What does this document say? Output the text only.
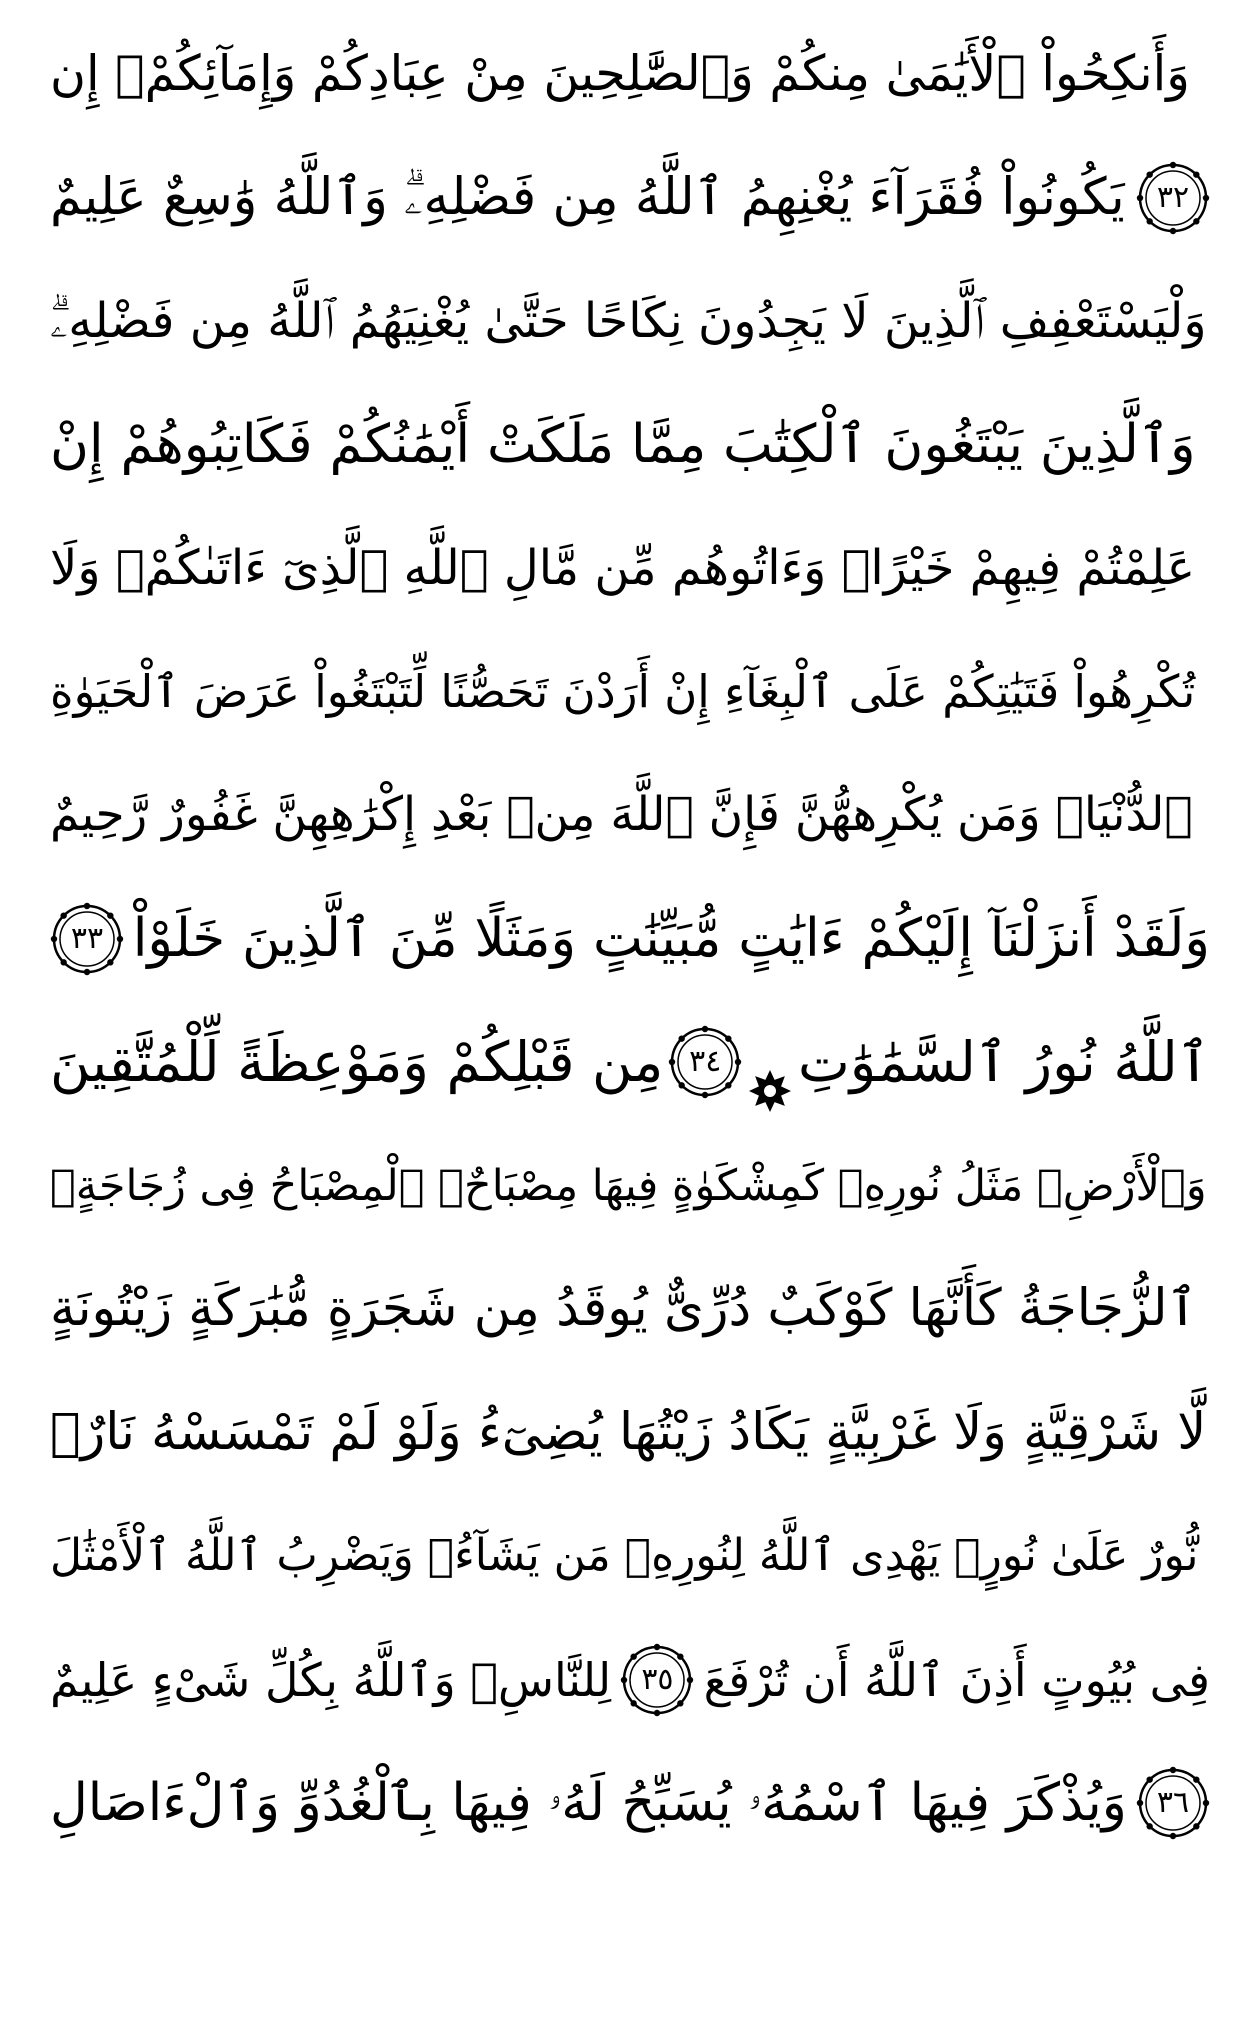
وَأَنكِحُواْ ٱلْأَيَٰمَىٰ مِنكُمْ وَٱلصَّٰلِحِينَ مِنْ عِبَادِكُمْ وَإِمَآئِكُمْۚ إِن
يَكُونُواْ فُقَرَآءَ يُغْنِهِمُ ٱللَّهُ مِن فَضْلِهِۦۗ وَٱللَّهُ وَٰسِعٌ عَلِيمٌ	٣٢
وَلْيَسْتَعْفِفِ ٱلَّذِينَ لَا يَجِدُونَ نِكَاحًا حَتَّىٰ يُغْنِيَهُمُ ٱللَّهُ مِن فَضْلِهِۦۗ
وَٱلَّذِينَ يَبْتَغُونَ ٱلْكِتَٰبَ مِمَّا مَلَكَتْ أَيْمَٰنُكُمْ فَكَاتِبُوهُمْ إِنْ
عَلِمْتُمْ فِيهِمْ خَيْرًاۖ وَءَاتُوهُم مِّن مَّالِ ٱللَّهِ ٱلَّذِىٓ ءَاتَىٰكُمْۚ وَلَا
تُكْرِهُواْ فَتَيَٰتِكُمْ عَلَى ٱلْبِغَآءِ إِنْ أَرَدْنَ تَحَصُّنًا لِّتَبْتَغُواْ عَرَضَ ٱلْحَيَوٰةِ
ٱلدُّنْيَاۚ وَمَن يُكْرِههُّنَّ فَإِنَّ ٱللَّهَ مِنۢ بَعْدِ إِكْرَٰهِهِنَّ غَفُورٌ رَّحِيمٌ
٣٣ وَلَقَدْ أَنزَلْنَآ إِلَيْكُمْ ءَايَٰتٍ مُّبَيِّنَٰتٍ وَمَثَلًا مِّنَ ٱلَّذِينَ خَلَوْاْ
مِن قَبْلِكُمْ وَمَوْعِظَةً لِّلْمُتَّقِينَ ٣٤	ٱللَّهُ نُورُ ٱلسَّمَٰوَٰتِ
وَٱلْأَرْضِۚ مَثَلُ نُورِهِۦ كَمِشْكَوٰةٍ فِيهَا مِصْبَاحٌۖ ٱلْمِصْبَاحُ فِى زُجَاجَةٍۖ
ٱلزُّجَاجَةُ كَأَنَّهَا كَوْكَبٌ دُرِّىٌّ يُوقَدُ مِن شَجَرَةٍ مُّبَٰرَكَةٍ زَيْتُونَةٍ
لَّا شَرْقِيَّةٍ وَلَا غَرْبِيَّةٍ يَكَادُ زَيْتُهَا يُضِىٓءُ وَلَوْ لَمْ تَمْسَسْهُ نَارٌۚ
نُّورٌ عَلَىٰ نُورٍۗ يَهْدِى ٱللَّهُ لِنُورِهِۦ مَن يَشَآءُۚ وَيَضْرِبُ ٱللَّهُ ٱلْأَمْثَٰلَ
لِلنَّاسِۗ وَٱللَّهُ بِكُلِّ شَىْءٍ عَلِيمٌ	٣٥ فِى بُيُوتٍ أَذِنَ ٱللَّهُ أَن تُرْفَعَ
وَيُذْكَرَ فِيهَا ٱسْمُهُۥ يُسَبِّحُ لَهُۥ فِيهَا بِٱلْغُدُوِّ وَٱلْءَاصَالِ ٣٦
